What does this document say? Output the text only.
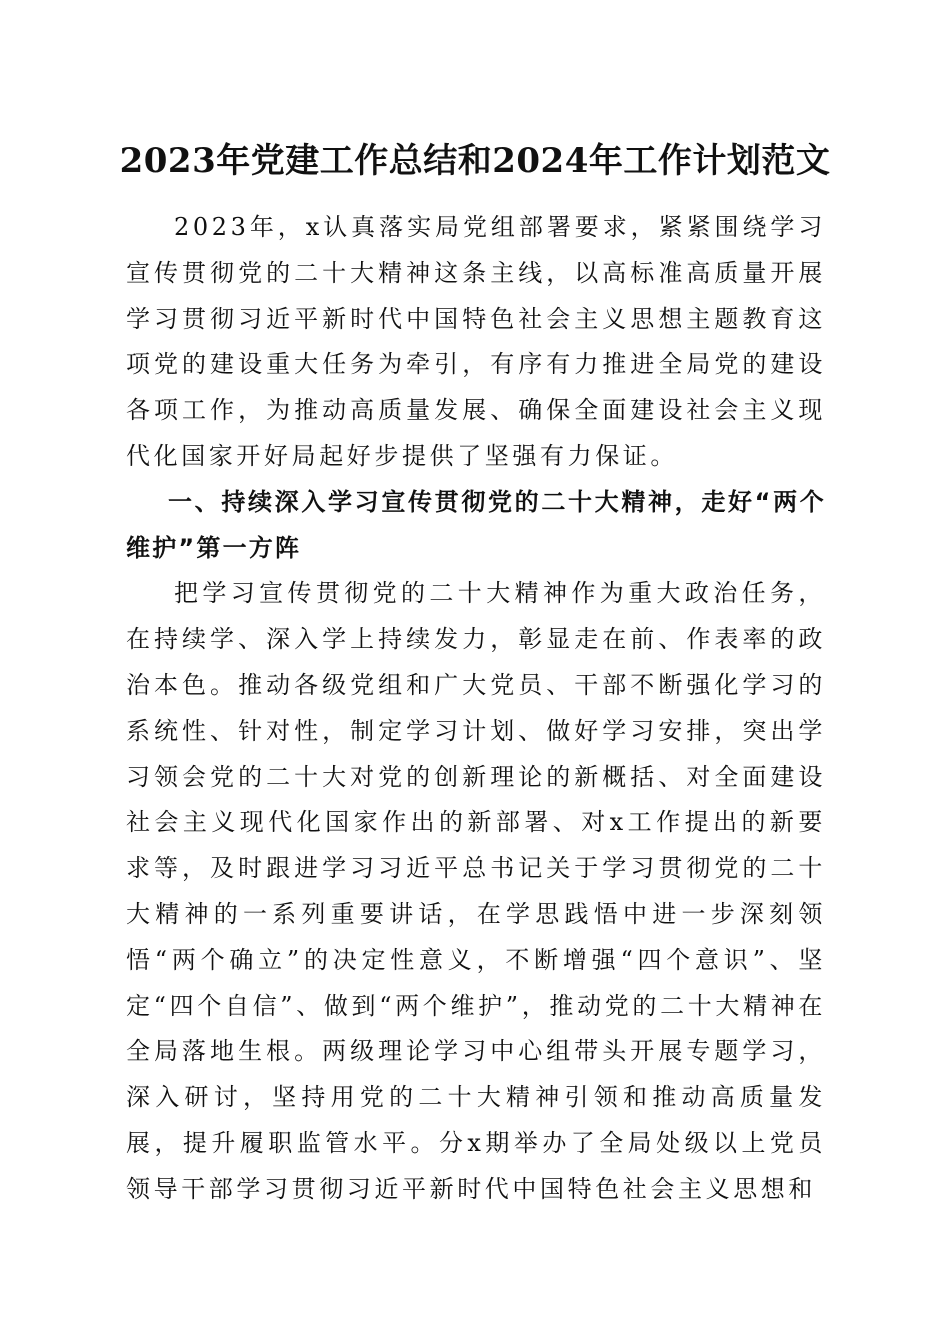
2023年党建工作总结和2024年工作计划范文

2023年，x认真落实局党组部署要求，紧紧围绕学习宣传贯彻党的二十大精神这条主线，以高标准高质量开展学习贯彻习近平新时代中国特色社会主义思想主题教育这项党的建设重大任务为牵引，有序有力推进全局党的建设各项工作，为推动高质量发展、确保全面建设社会主义现代化国家开好局起好步提供了坚强有力保证。

一、持续深入学习宣传贯彻党的二十大精神，走好“两个维护”第一方阵

把学习宣传贯彻党的二十大精神作为重大政治任务，在持续学、深入学上持续发力，彰显走在前、作表率的政治本色。推动各级党组和广大党员、干部不断强化学习的系统性、针对性，制定学习计划、做好学习安排，突出学习领会党的二十大对党的创新理论的新概括、对全面建设社会主义现代化国家作出的新部署、对x工作提出的新要求等，及时跟进学习习近平总书记关于学习贯彻党的二十大精神的一系列重要讲话，在学思践悟中进一步深刻领悟“两个确立”的决定性意义，不断增强“四个意识”、坚定“四个自信”、做到“两个维护”，推动党的二十大精神在全局落地生根。两级理论学习中心组带头开展专题学习，深入研讨，坚持用党的二十大精神引领和推动高质量发展，提升履职监管水平。分x期举办了全局处级以上党员领导干部学习贯彻习近平新时代中国特色社会主义思想和
